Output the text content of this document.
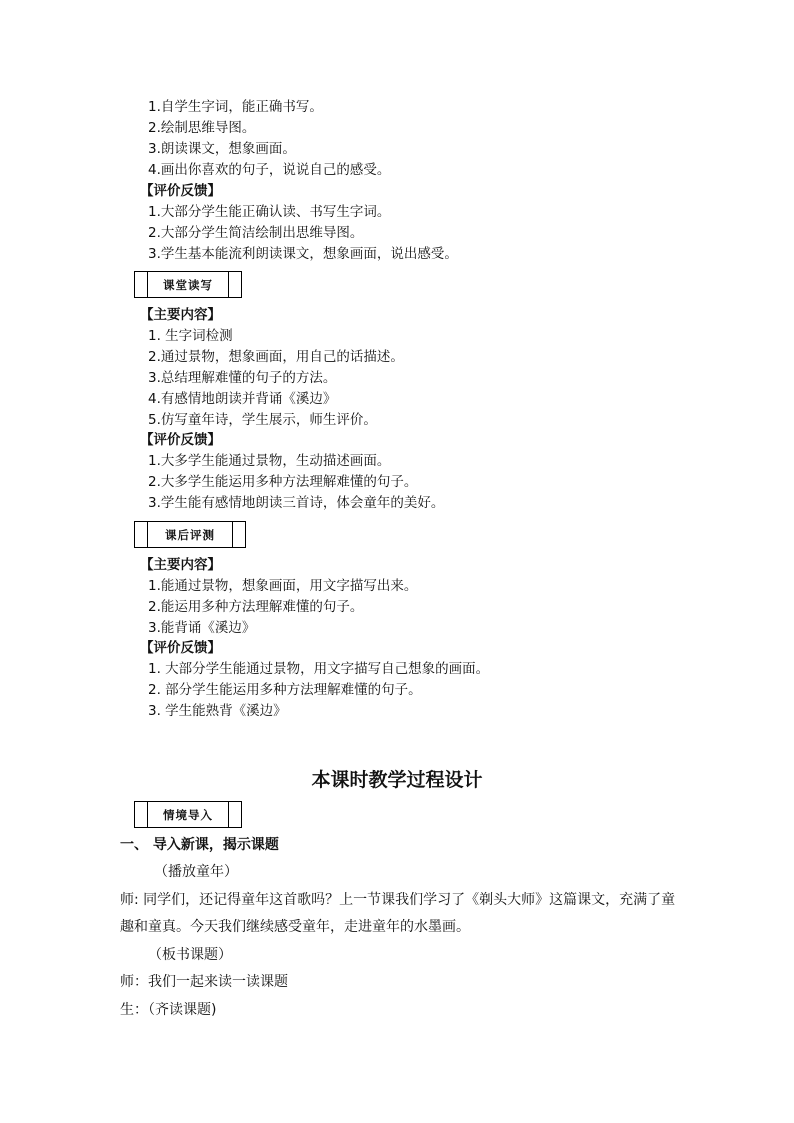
1.自学生字词，能正确书写。

2.绘制思维导图。

3.朗读课文，想象画面。

4.画出你喜欢的句子，说说自己的感受。

【评价反馈】

1.大部分学生能正确认读、书写生字词。

2.大部分学生简洁绘制出思维导图。

3.学生基本能流利朗读课文，想象画面，说出感受。

课堂读写

【主要内容】

1. 生字词检测

2.通过景物，想象画面，用自己的话描述。

3.总结理解难懂的句子的方法。

4.有感情地朗读并背诵《溪边》

5.仿写童年诗，学生展示，师生评价。

【评价反馈】

1.大多学生能通过景物，生动描述画面。

2.大多学生能运用多种方法理解难懂的句子。

3.学生能有感情地朗读三首诗，体会童年的美好。

课后评测

【主要内容】

1.能通过景物，想象画面，用文字描写出来。

2.能运用多种方法理解难懂的句子。

3.能背诵《溪边》

【评价反馈】

1. 大部分学生能通过景物，用文字描写自己想象的画面。

2. 部分学生能运用多种方法理解难懂的句子。

3. 学生能熟背《溪边》

本课时教学过程设计
情境导入

一、 导入新课，揭示课题

（播放童年）

师: 同学们，还记得童年这首歌吗？上一节课我们学习了《剃头大师》这篇课文，充满了童

趣和童真。今天我们继续感受童年，走进童年的水墨画。

（板书课题）

师：我们一起来读一读课题

生：（齐读课题)
